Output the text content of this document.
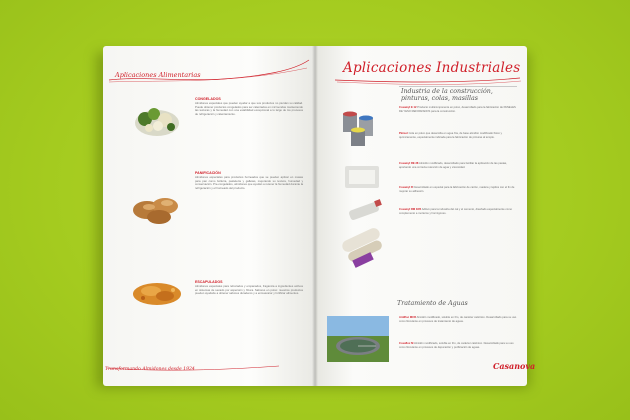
Aplicaciones Alimentarias
CONGELADOS
Almidones especiales que pueden ayudar a que sus productos no pierdan su calidad. Puede obtener productos congelados para ser calentados en microondas manteniendo las texturas y la humedad con una estabilidad excepcional a lo largo de los procesos de refrigeración y calentamiento.
PANIFICACIÓN
Almidones especiales para productos horneados que se pueden aplicar en masas para pan como bollería, pastelería y galletas, mejorando su textura, humedad y conservación. Pre-congelados, almidones que ayudan a retener la humedad durante la refrigeración y el horneado del producto.
ESCAPULADOS
Almidones especiales para rebozados y empanados, fragancia a ingredientes activos en sistemas de secado por aspersión y fritura. Sabores en polvo: nuestros productos pueden ayudarle a obtener sabores duraderos y a enmascarar y fortificar alimentos.
Transformando Almidones desde 1924
Aplicaciones Industriales
Industria de la construcción, pinturas, colas, masillas
Cosamyl E 12 Producto multicomponente en polvo, desarrollado para la fabricación de PANELES DE YESO REFORZADOS para la construcción.
Pinisol Cola en polvo que desarrolla en agua fría, de base almidón modificado físico y químicamente, especialmente indicada para la fabricación de pinturas al temple.
Cosamyl RE 38 Almidón modificado, desarrollado para facilitar la aplicación de las pastas, aportando una correcta retención de agua y viscosidad.
Cosamyl R Desarrollado en especial para la fabricación de cartón, madera y tejidos con el fin de mejorar su adhesión.
Cosamyl RM 03/5 Aditivo para la industria del cal y el cemento, diseñado especialmente como complemento a morteros y hormigones.
Tratamiento de Aguas
Aridfloc MCR Almidón modificado, soluble en frío, de carácter catiónico. Desarrollado para su uso como floculante en procesos de tratamiento de aguas.
Cosafloc M Almidón modificado, soluble en frío, de carácter catiónico. Desarrollado para su uso como floculante en procesos de depuración y purificación de aguas.
Casanova
